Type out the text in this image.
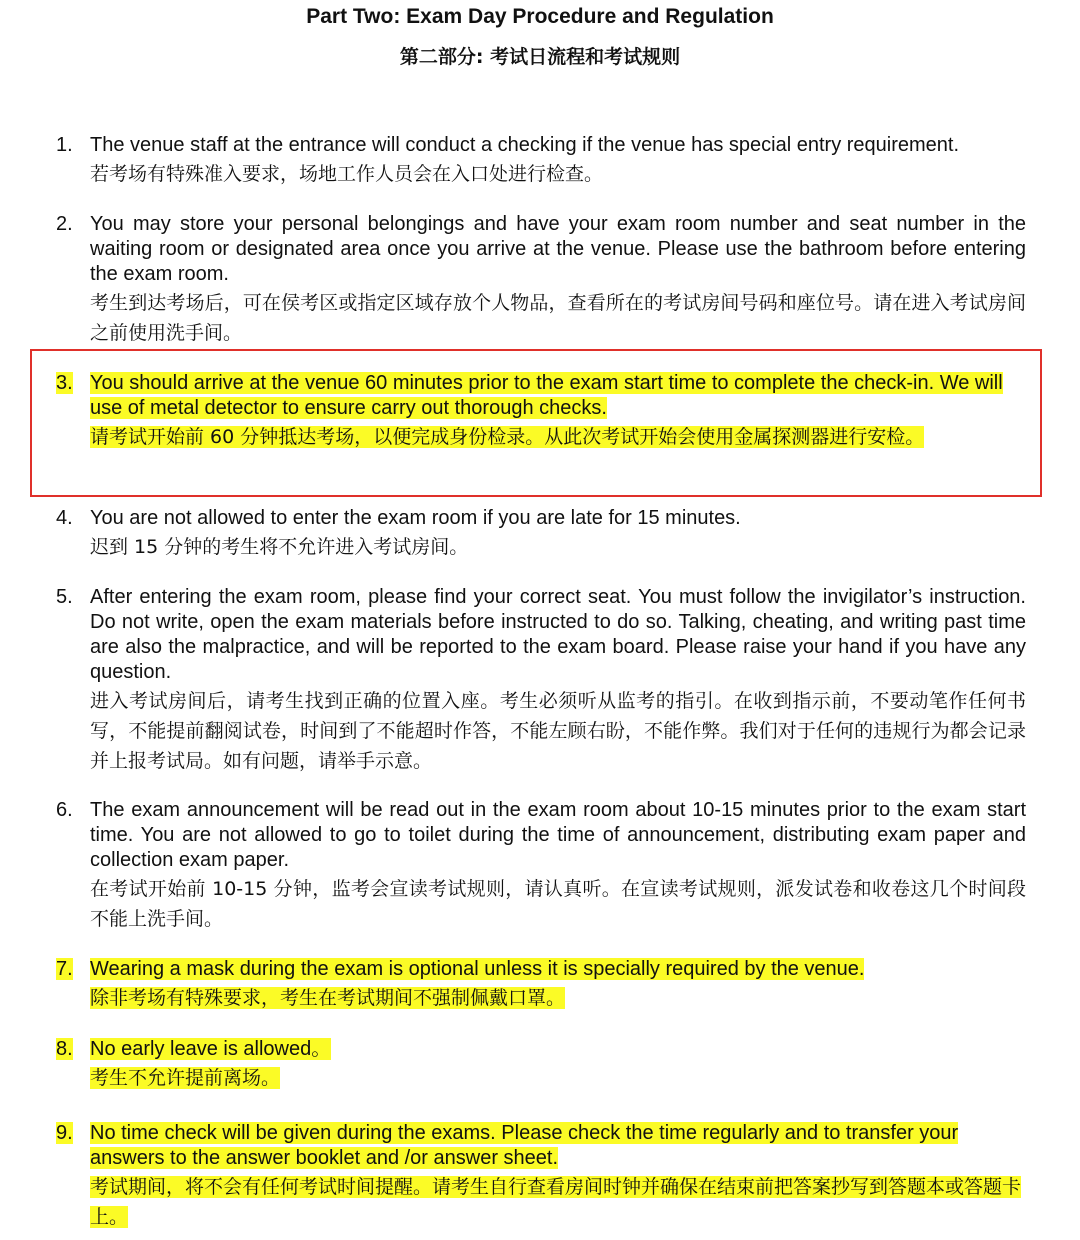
Part Two: Exam Day Procedure and Regulation
第二部分: 考试日流程和考试规则
1. The venue staff at the entrance will conduct a checking if the venue has special entry requirement.
若考场有特殊准入要求，场地工作人员会在入口处进行检查。
2. You may store your personal belongings and have your exam room number and seat number in the waiting room or designated area once you arrive at the venue. Please use the bathroom before entering the exam room.
考生到达考场后，可在侯考区或指定区域存放个人物品，查看所在的考试房间号码和座位号。请在进入考试房间之前使用洗手间。
3. You should arrive at the venue 60 minutes prior to the exam start time to complete the check-in. We will use of metal detector to ensure carry out thorough checks.
请考试开始前 60 分钟抵达考场，以便完成身份检录。从此次考试开始会使用金属探测器进行安检。
4. You are not allowed to enter the exam room if you are late for 15 minutes.
迟到 15 分钟的考生将不允许进入考试房间。
5. After entering the exam room, please find your correct seat. You must follow the invigilator’s instruction. Do not write, open the exam materials before instructed to do so. Talking, cheating, and writing past time are also the malpractice, and will be reported to the exam board. Please raise your hand if you have any question.
进入考试房间后，请考生找到正确的位置入座。考生必须听从监考的指引。在收到指示前，不要动笔作任何书写，不能提前翻阅试卷，时间到了不能超时作答，不能左顾右盼，不能作弊。我们对于任何的违规行为都会记录并上报考试局。如有问题，请举手示意。
6. The exam announcement will be read out in the exam room about 10-15 minutes prior to the exam start time. You are not allowed to go to toilet during the time of announcement, distributing exam paper and collection exam paper.
在考试开始前 10-15 分钟，监考会宣读考试规则，请认真听。在宣读考试规则，派发试卷和收卷这几个时间段不能上洗手间。
7. Wearing a mask during the exam is optional unless it is specially required by the venue.
除非考场有特殊要求，考生在考试期间不强制佩戴口罩。
8. No early leave is allowed。
考生不允许提前离场。
9. No time check will be given during the exams. Please check the time regularly and to transfer your answers to the answer booklet and /or answer sheet.
考试期间，将不会有任何考试时间提醒。请考生自行查看房间时钟并确保在结束前把答案抄写到答题本或答题卡上。
